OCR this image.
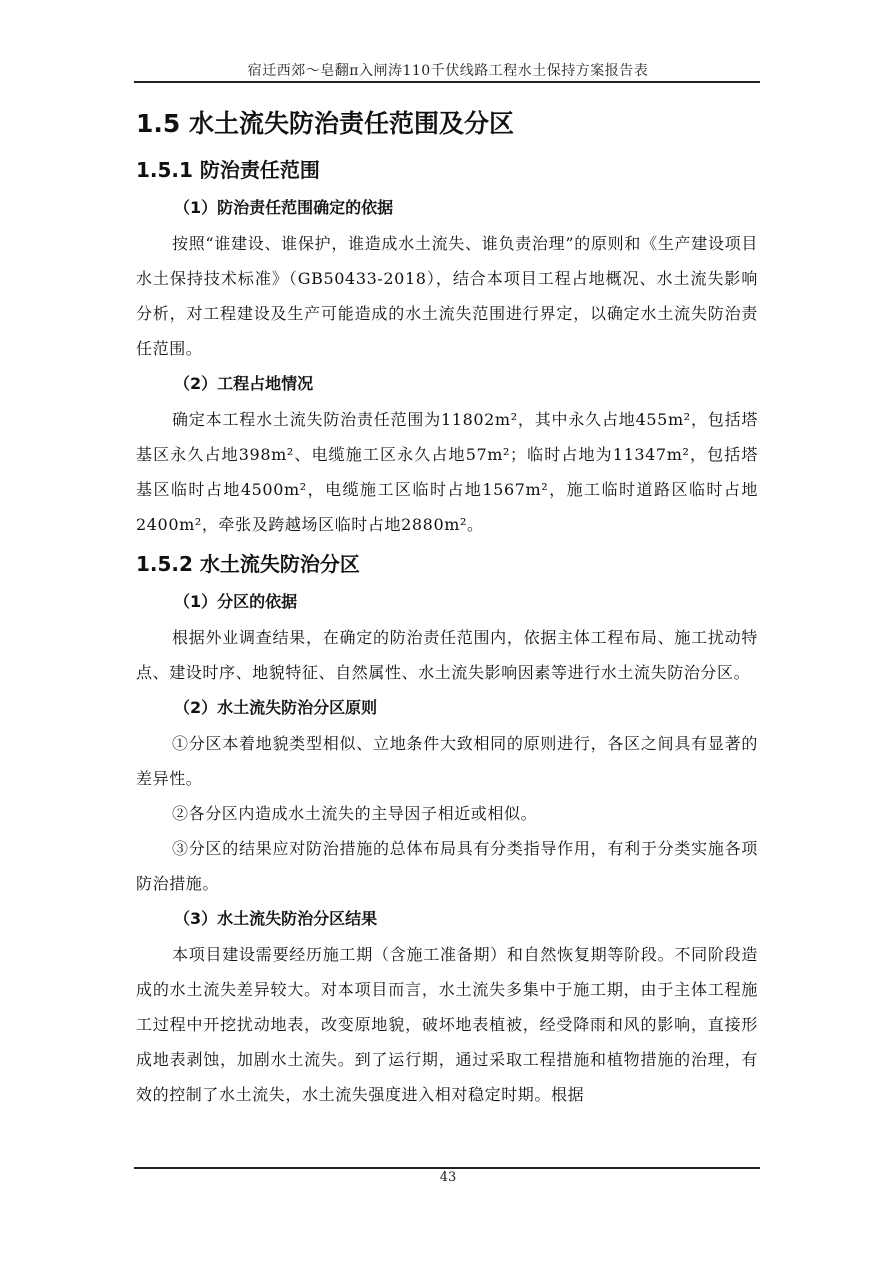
宿迁西郊～皂翻π入闸涛110千伏线路工程水土保持方案报告表
1.5 水土流失防治责任范围及分区
1.5.1 防治责任范围
（1）防治责任范围确定的依据

按照“谁建设、谁保护，谁造成水土流失、谁负责治理”的原则和《生产建设项目水土保持技术标准》（GB50433-2018），结合本项目工程占地概况、水土流失影响分析，对工程建设及生产可能造成的水土流失范围进行界定，以确定水土流失防治责任范围。

（2）工程占地情况

确定本工程水土流失防治责任范围为11802m²，其中永久占地455m²，包括塔基区永久占地398m²、电缆施工区永久占地57m²；临时占地为11347m²，包括塔基区临时占地4500m²，电缆施工区临时占地1567m²，施工临时道路区临时占地2400m²，牵张及跨越场区临时占地2880m²。

1.5.2 水土流失防治分区
（1）分区的依据

根据外业调查结果，在确定的防治责任范围内，依据主体工程布局、施工扰动特点、建设时序、地貌特征、自然属性、水土流失影响因素等进行水土流失防治分区。

（2）水土流失防治分区原则

①分区本着地貌类型相似、立地条件大致相同的原则进行，各区之间具有显著的差异性。

②各分区内造成水土流失的主导因子相近或相似。

③分区的结果应对防治措施的总体布局具有分类指导作用，有利于分类实施各项防治措施。

（3）水土流失防治分区结果

本项目建设需要经历施工期（含施工准备期）和自然恢复期等阶段。不同阶段造成的水土流失差异较大。对本项目而言，水土流失多集中于施工期，由于主体工程施工过程中开挖扰动地表，改变原地貌，破坏地表植被，经受降雨和风的影响，直接形成地表剥蚀，加剧水土流失。到了运行期，通过采取工程措施和植物措施的治理，有效的控制了水土流失，水土流失强度进入相对稳定时期。根据

43
